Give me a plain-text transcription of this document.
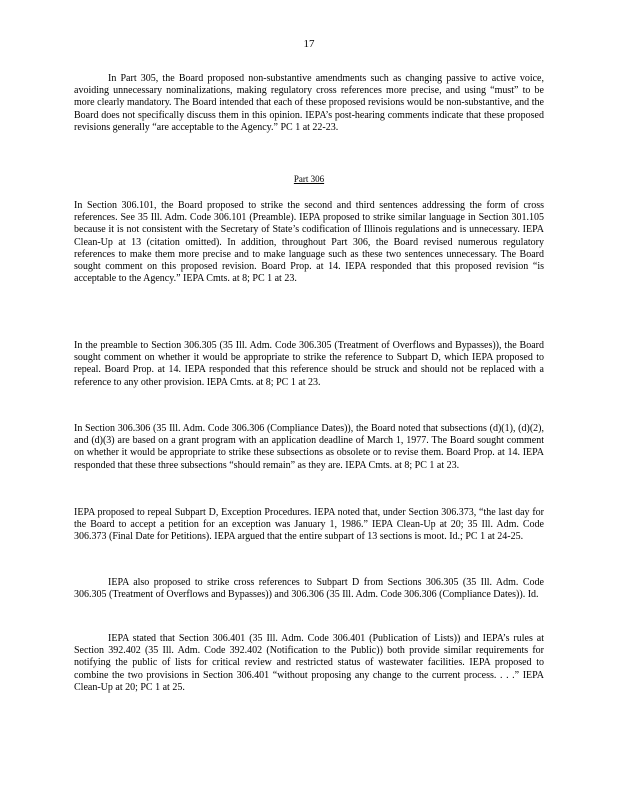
17

In Part 305, the Board proposed non-substantive amendments such as changing passive to active voice, avoiding unnecessary nominalizations, making regulatory cross references more precise, and using “must” to be more clearly mandatory. The Board intended that each of these proposed revisions would be non-substantive, and the Board does not specifically discuss them in this opinion. IEPA’s post-hearing comments indicate that these proposed revisions generally “are acceptable to the Agency.” PC 1 at 22-23.

Part 306

In Section 306.101, the Board proposed to strike the second and third sentences addressing the form of cross references. See 35 Ill. Adm. Code 306.101 (Preamble). IEPA proposed to strike similar language in Section 301.105 because it is not consistent with the Secretary of State’s codification of Illinois regulations and is unnecessary. IEPA Clean-Up at 13 (citation omitted). In addition, throughout Part 306, the Board revised numerous regulatory references to make them more precise and to make language such as these two sentences unnecessary. The Board sought comment on this proposed revision. Board Prop. at 14. IEPA responded that this proposed revision “is acceptable to the Agency.” IEPA Cmts. at 8; PC 1 at 23.

In the preamble to Section 306.305 (35 Ill. Adm. Code 306.305 (Treatment of Overflows and Bypasses)), the Board sought comment on whether it would be appropriate to strike the reference to Subpart D, which IEPA proposed to repeal. Board Prop. at 14. IEPA responded that this reference should be struck and should not be replaced with a reference to any other provision. IEPA Cmts. at 8; PC 1 at 23.

In Section 306.306 (35 Ill. Adm. Code 306.306 (Compliance Dates)), the Board noted that subsections (d)(1), (d)(2), and (d)(3) are based on a grant program with an application deadline of March 1, 1977. The Board sought comment on whether it would be appropriate to strike these subsections as obsolete or to revise them. Board Prop. at 14. IEPA responded that these three subsections “should remain” as they are. IEPA Cmts. at 8; PC 1 at 23.

IEPA proposed to repeal Subpart D, Exception Procedures. IEPA noted that, under Section 306.373, “the last day for the Board to accept a petition for an exception was January 1, 1986.” IEPA Clean-Up at 20; 35 Ill. Adm. Code 306.373 (Final Date for Petitions). IEPA argued that the entire subpart of 13 sections is moot. Id.; PC 1 at 24-25.

IEPA also proposed to strike cross references to Subpart D from Sections 306.305 (35 Ill. Adm. Code 306.305 (Treatment of Overflows and Bypasses)) and 306.306 (35 Ill. Adm. Code 306.306 (Compliance Dates)). Id.

IEPA stated that Section 306.401 (35 Ill. Adm. Code 306.401 (Publication of Lists)) and IEPA’s rules at Section 392.402 (35 Ill. Adm. Code 392.402 (Notification to the Public)) both provide similar requirements for notifying the public of lists for critical review and restricted status of wastewater facilities. IEPA proposed to combine the two provisions in Section 306.401 “without proposing any change to the current process. . . .” IEPA Clean-Up at 20; PC 1 at 25.
